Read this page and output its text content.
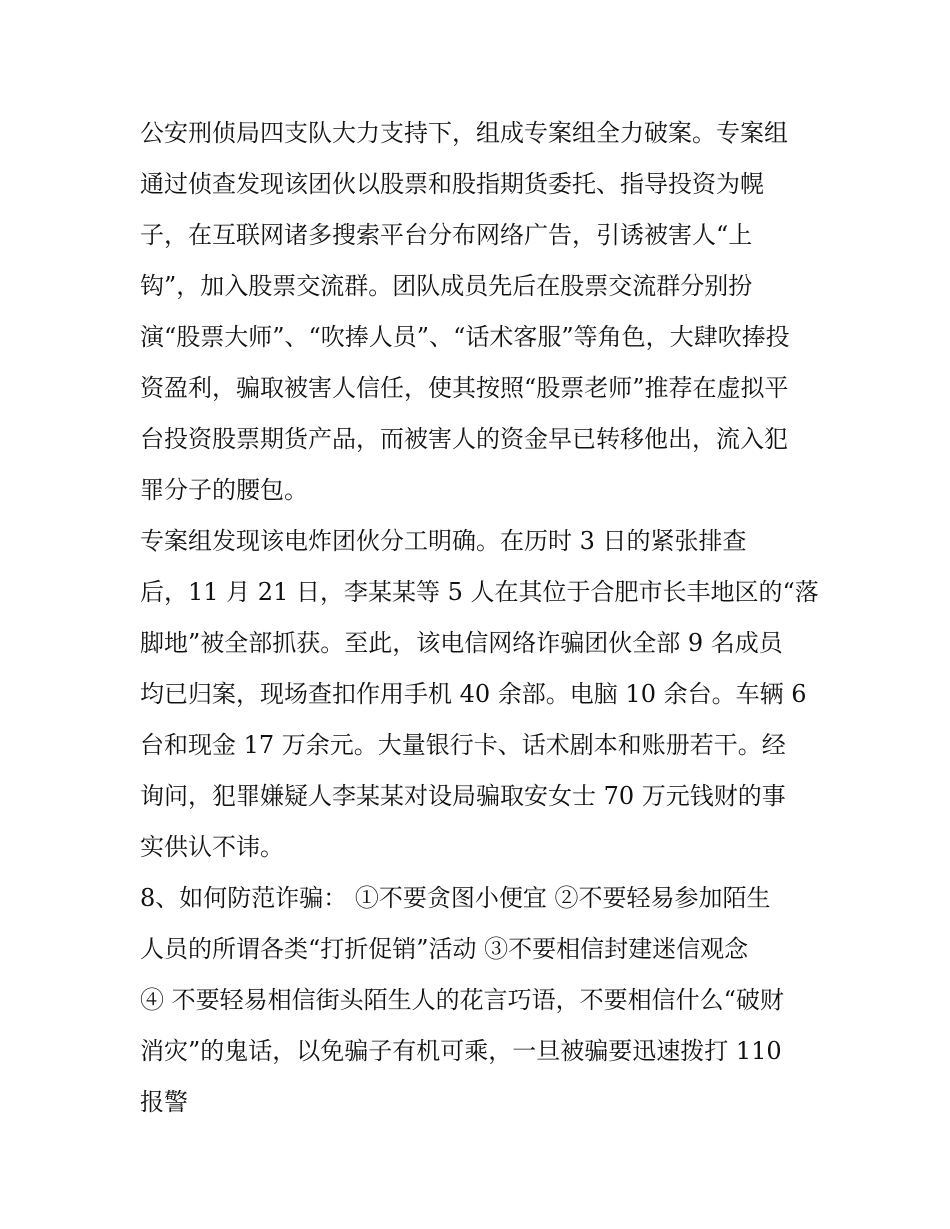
公安刑侦局四支队大力支持下，组成专案组全力破案。专案组
通过侦查发现该团伙以股票和股指期货委托、指导投资为幌
子，在互联网诸多搜索平台分布网络广告，引诱被害人“上
钩”，加入股票交流群。团队成员先后在股票交流群分别扮
演“股票大师”、“吹捧人员”、“话术客服”等角色，大肆吹捧投
资盈利，骗取被害人信任，使其按照“股票老师”推荐在虚拟平
台投资股票期货产品，而被害人的资金早已转移他出，流入犯
罪分子的腰包。
专案组发现该电炸团伙分工明确。在历时 3 日的紧张排查
后，11 月 21 日，李某某等 5 人在其位于合肥市长丰地区的“落
脚地”被全部抓获。至此，该电信网络诈骗团伙全部 9 名成员
均已归案，现场查扣作用手机 40 余部。电脑 10 余台。车辆 6
台和现金 17 万余元。大量银行卡、话术剧本和账册若干。经
询问，犯罪嫌疑人李某某对设局骗取安女士 70 万元钱财的事
实供认不讳。
8、如何防范诈骗： ①不要贪图小便宜 ②不要轻易参加陌生
人员的所谓各类“打折促销”活动 ③不要相信封建迷信观念
④ 不要轻易相信街头陌生人的花言巧语，不要相信什么“破财
消灾”的鬼话，以免骗子有机可乘，一旦被骗要迅速拨打 110
报警
